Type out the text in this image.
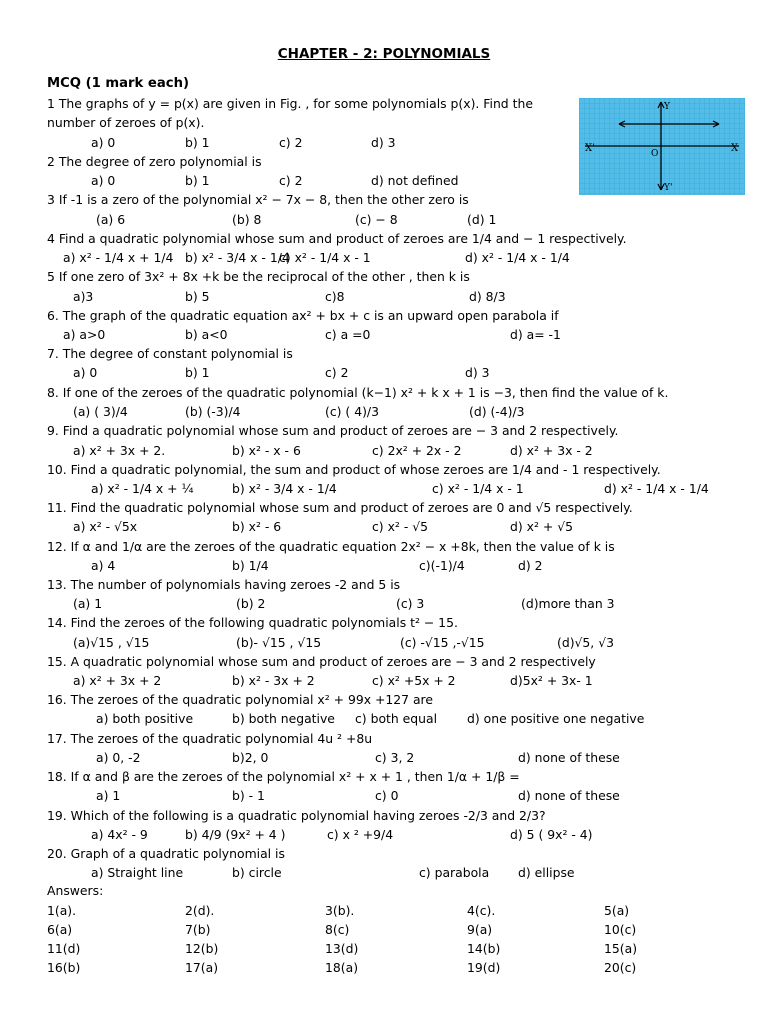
CHAPTER - 2: POLYNOMIALS
MCQ (1 mark each)
X'	X
Y
Y'
O
1 The graphs of y = p(x) are given in Fig. , for some polynomials p(x). Find the
number of zeroes of p(x).
a) 0	b) 1	c) 2	d) 3
2 The degree of zero polynomial is
a) 0	b) 1	c) 2	d) not defined
3 If -1 is a zero of the polynomial x² − 7x − 8, then the other zero is
(a) 6	(b) 8	(c) − 8	(d) 1
4 Find a quadratic polynomial whose sum and product of zeroes are 1/4 and − 1 respectively.
a) x² - 1/4 x + 1/4 b) x² - 3/4 x - 1/4
c) x² - 1/4 x - 1	d) x² - 1/4 x - 1/4
5 If one zero of 3x² + 8x +k be the reciprocal of the other , then k is
a)3	b) 5	c)8	d) 8/3
6. The graph of the quadratic equation ax² + bx + c is an upward open parabola if
a) a>0	b) a<0	c) a =0	d) a= -1
7. The degree of constant polynomial is
a) 0	b) 1	c) 2	d) 3
8. If one of the zeroes of the quadratic polynomial (k−1) x² + k x + 1 is −3, then find the value of k.
(a) ( 3)/4	(b) (-3)/4	(c) ( 4)/3	(d) (-4)/3
9. Find a quadratic polynomial whose sum and product of zeroes are − 3 and 2 respectively.
a) x² + 3x + 2.	b) x² - x - 6	c) 2x² + 2x - 2	d) x² + 3x - 2
10. Find a quadratic polynomial, the sum and product of whose zeroes are 1/4 and - 1 respectively.
a) x² - 1/4 x + ¼	b) x² - 3/4 x - 1/4	c) x² - 1/4 x - 1	d) x² - 1/4 x - 1/4
11. Find the quadratic polynomial whose sum and product of zeroes are 0 and √5 respectively.
a) x² - √5x	b) x² - 6	c) x² - √5	d) x² + √5
12. If α and 1/α are the zeroes of the quadratic equation 2x² − x +8k, then the value of k is
a) 4	b) 1/4	c)(-1)/4	d) 2
13. The number of polynomials having zeroes -2 and 5 is
(a) 1	(b) 2	(c) 3	(d)more than 3
14. Find the zeroes of the following quadratic polynomials t² − 15.
(a)√15 , √15	(b)- √15 , √15	(c) -√15 ,-√15	(d)√5, √3
15. A quadratic polynomial whose sum and product of zeroes are − 3 and 2 respectively
a) x² + 3x + 2	b) x² - 3x + 2	c) x² +5x + 2	d)5x² + 3x- 1
16. The zeroes of the quadratic polynomial x² + 99x +127 are
a) both positive	b) both negative c) both equal d) one positive one negative
17. The zeroes of the quadratic polynomial 4u ² +8u
a) 0, -2	b)2, 0	c) 3, 2	d) none of these
18. If α and β are the zeroes of the polynomial x² + x + 1 , then 1/α + 1/β =
a) 1	b) - 1	c) 0	d) none of these
19. Which of the following is a quadratic polynomial having zeroes -2/3 and 2/3?
a) 4x² - 9	b) 4/9 (9x² + 4 )	c) x ² +9/4	d) 5 ( 9x² - 4)
20. Graph of a quadratic polynomial is
a) Straight line	b) circle	c) parabola d) ellipse
Answers:
1(a).	2(d).	3(b).	4(c).	5(a)
6(a)	7(b)	8(c)	9(a)	10(c)
11(d)	12(b)	13(d)	14(b)	15(a)
16(b)	17(a)	18(a)	19(d)	20(c)
